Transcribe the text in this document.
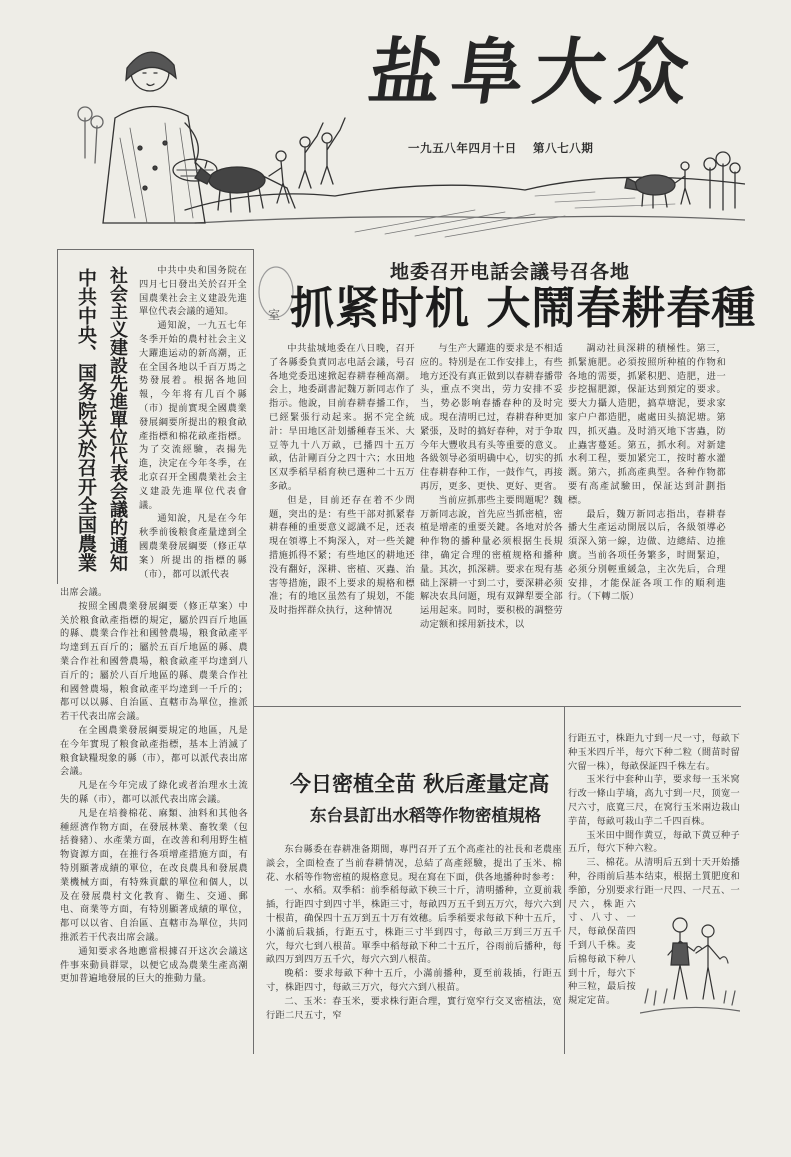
盐阜大众
一九五八年四月十日 第八七八期
中共中央、国务院关於召开全国農業 社会主义建設先進單位代表会議的通知	中共中央和国务院在四月七日發出关於召开全国農業社会主义建設先進單位代表会議的通知。

通知說，一九五七年冬季开始的農村社会主义大躍進运动的新高潮，正在全国各地以千百万馬之势發展着。根据各地回報，今年将有几百个縣（市）提前實現全國農業發展綱要所提出的粮食畝產指標和棉花畝產指標。为了交流經驗，表揚先進，決定在今年冬季，在北京召开全國農業社会主义建設先進單位代表會議。

通知說，凡是在今年秋季前後粮食產量達到全國農業發展綱要（修正草案）所提出的指標的縣（市），都可以派代表

出席会議。

按照全國農業發展綱要（修正草案）中关於粮食畝產指標的規定，屬於四百斤地區的縣、農業合作社和國營農場，粮食畝產平均達到五百斤的；屬於五百斤地區的縣、農業合作社和國營農場，粮食畝產平均達到八百斤的；屬於八百斤地區的縣、農業合作社和國營農場，粮食畝產平均達到一千斤的；都可以以縣、自治區、直轄市為單位，推派若干代表出席会議。

在全國農業發展綱要規定的地區，凡是在今年實現了粮食畝產指標，基本上消滅了粮食缺糧現象的縣（市），都可以派代表出席会議。

凡是在今年完成了綠化或者治理水土流失的縣（市），都可以派代表出席会議。

凡是在培養棉花、麻類、油料和其他各種經濟作物方面，在發展林業、畜牧業（包括養豬）、水產業方面，在改善和利用野生植物資源方面，在推行各項增產措施方面，有特別顯著成績的單位，在改良農具和發展農業機械方面，有特殊貢獻的單位和個人，以及在發展農村文化教育、衛生、交通、郵电、商業等方面，有特別顯著成績的單位，都可以以省、自治區、直轄市為單位，共同推派若干代表出席会議。

通知要求各地應當根據召开这次会議这件事來動員群眾，以便它成為農業生產高潮更加普遍地發展的巨大的推動力量。

室
地委召开电話会議号召各地
抓紧时机 大鬧春耕春種

中共盐城地委在八日晚，召开了各縣委負責同志电話会議，号召各地党委迅速掀起春耕春種高潮。会上，地委副書記魏万新同志作了指示。他說，目前春耕春播工作，已經緊張行动起来。据不完全統計：旱田地区計划播種春玉米、大豆等九十八万畝，已播四十五万畝，估計剛百分之四十六；水田地区双季稻早稻育秧已選种二十五万多畝。

但是，目前还存在着不少問題，突出的是：有些干部对抓紧春耕春種的重要意义認識不足，还表現在領導上不夠深入，对一些关鍵措施抓得不紧；有些地区的耕地还没有翻好，深耕、密植、灭蟲、治害等措施，跟不上要求的規格和標准；有的地区虽然有了規划，不能及时指挥群众执行，这种情况

与生产大躍進的要求是不相适应的。特別是在工作安排上，有些地方还没有真正做到以春耕春播带头，重点不突出，劳力安排不妥当，势必影响春播春种的及时完成。現在清明已过，春耕春种更加紧張，及时的搞好春种，对于争取今年大豐收具有头等重要的意义。各級领导必須明确中心，切实的抓住春耕春种工作，一鼓作气，再接再厉，更多、更快、更好、更省。

当前应抓那些主要問題呢？魏万新同志說，首先应当抓密植，密植是增產的重要关鍵。各地对於各种作物的播种量必须根据生長規律，确定合理的密植规格和播种量。其次，抓深耕。要求在現有基础上深耕一寸到二寸，要深耕必须解决农具问题，現有双鏵犁要全部运用起來。同时，要积极的調整劳动定额和採用新技术，以

調动社員深耕的積極性。第三，抓緊施肥。必須按照所种植的作物和各地的需要，抓紧积肥、造肥，进一步挖掘肥源，保証达到預定的要求。要大力攝人造肥，搞草塘泥，要求家家户户都造肥，處處田头搞泥塘。第四，抓灭蟲。及时消灭地下害蟲，防止蟲害蔓延。第五，抓水利。对新建水利工程，要加紧完工，按时蓄水灌溉。第六，抓高產典型。各种作物都要有高產試驗田，保証达到計劃指標。

最后，魏万新同志指出，春耕春播大生產运动開展以后，各級領導必須深入第一線，边做、边總結、边推廣。当前各项任务繁多，时間緊迫，必须分別輕重緩急，主次先后，合理安排，才能保証各项工作的順利進行。（下轉二版）

今日密植全苗 秋后產量定高
东台县訂出水稻等作物密植規格

东台縣委在春耕准备期間，專門召开了五个高產社的社長和老農座談会，全面检查了当前春耕情况，总結了高產經驗，提出了玉米、棉花、水稻等作物密植的規格意見。現在寫在下面，供各地播种时参考：

一、水稻。双季稻：前季稻每畝下秧三十斤，清明播种，立夏前栽插，行距四寸到四寸半，株距三寸，每畝四万五千到五万穴，每穴六到十根苗，确保四十五万到五十万有效穗。后季稻要求每畝下种十五斤，小滿前后栽插，行距五寸，株距三寸半到四寸，每畝三万到三万五千穴，每穴七到八根苗。單季中稻每畝下种二十五斤，谷雨前后播种，每畝四万到四万五千穴，每穴六到八根苗。

晚稻：要求每畝下种十五斤，小滿前播种，夏至前栽插，行距五寸，株距四寸，每畝三万穴，每穴六到八根苗。

二、玉米：春玉米，要求株行距合理，實行宽窄行交叉密植法，宽行距二尺五寸，窄

行距五寸，株距九寸到一尺一寸，每畝下种玉米四斤半，每穴下种二粒（間苗时留穴留一株），每畝保証四千株左右。

玉米行中套种山芋，要求每一玉米窝行改一條山芋墒，高九寸到一尺，顶宽一尺六寸，底寬三尺，在窝行玉米兩边栽山芋苗，每畝可栽山芋二千四百株。

玉米田中間作黄豆，每畝下黄豆种子五斤，每穴下种六粒。

三、棉花。从清明后五到十天开始播种，谷雨前后基本结束，根据土質肥度和季節，分別要求行距一尺四、一尺五、一尺六，株距六寸、八寸、一尺，每畝保苗四千到八千株。麦后棉每畝下种八到十斤，每穴下种三粒，最后按規定定苗。
